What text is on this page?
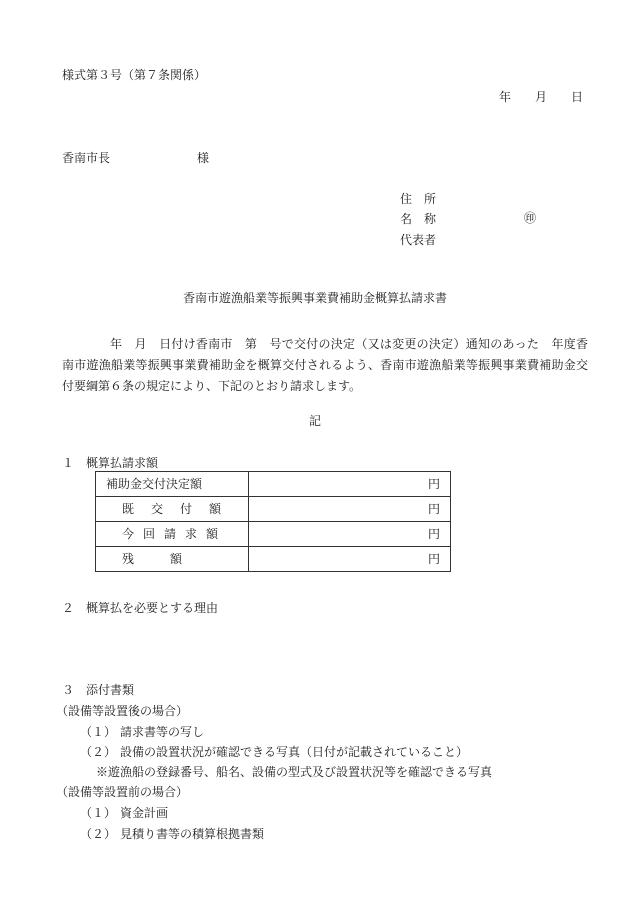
様式第３号（第７条関係）
年 月 日
香南市長	様
住　所
名　称	㊞
代表者
香南市遊漁船業等振興事業費補助金概算払請求書
年　月　日付け香南市　第　号で交付の決定（又は変更の決定）通知のあった　年度香南市遊漁船業等振興事業費補助金を概算交付されるよう、香南市遊漁船業等振興事業費補助金交付要綱第６条の規定により、下記のとおり請求します。
記
１　概算払請求額
補助金交付決定額	円
既交付額	円
今回請求額	円
残　　　額	円
２　概算払を必要とする理由
３　添付書類
（設備等設置後の場合）
（１） 請求書等の写し
（２） 設備の設置状況が確認できる写真（日付が記載されていること）
※遊漁船の登録番号、船名、設備の型式及び設置状況等を確認できる写真
（設備等設置前の場合）
（１） 資金計画
（２） 見積り書等の積算根拠書類
